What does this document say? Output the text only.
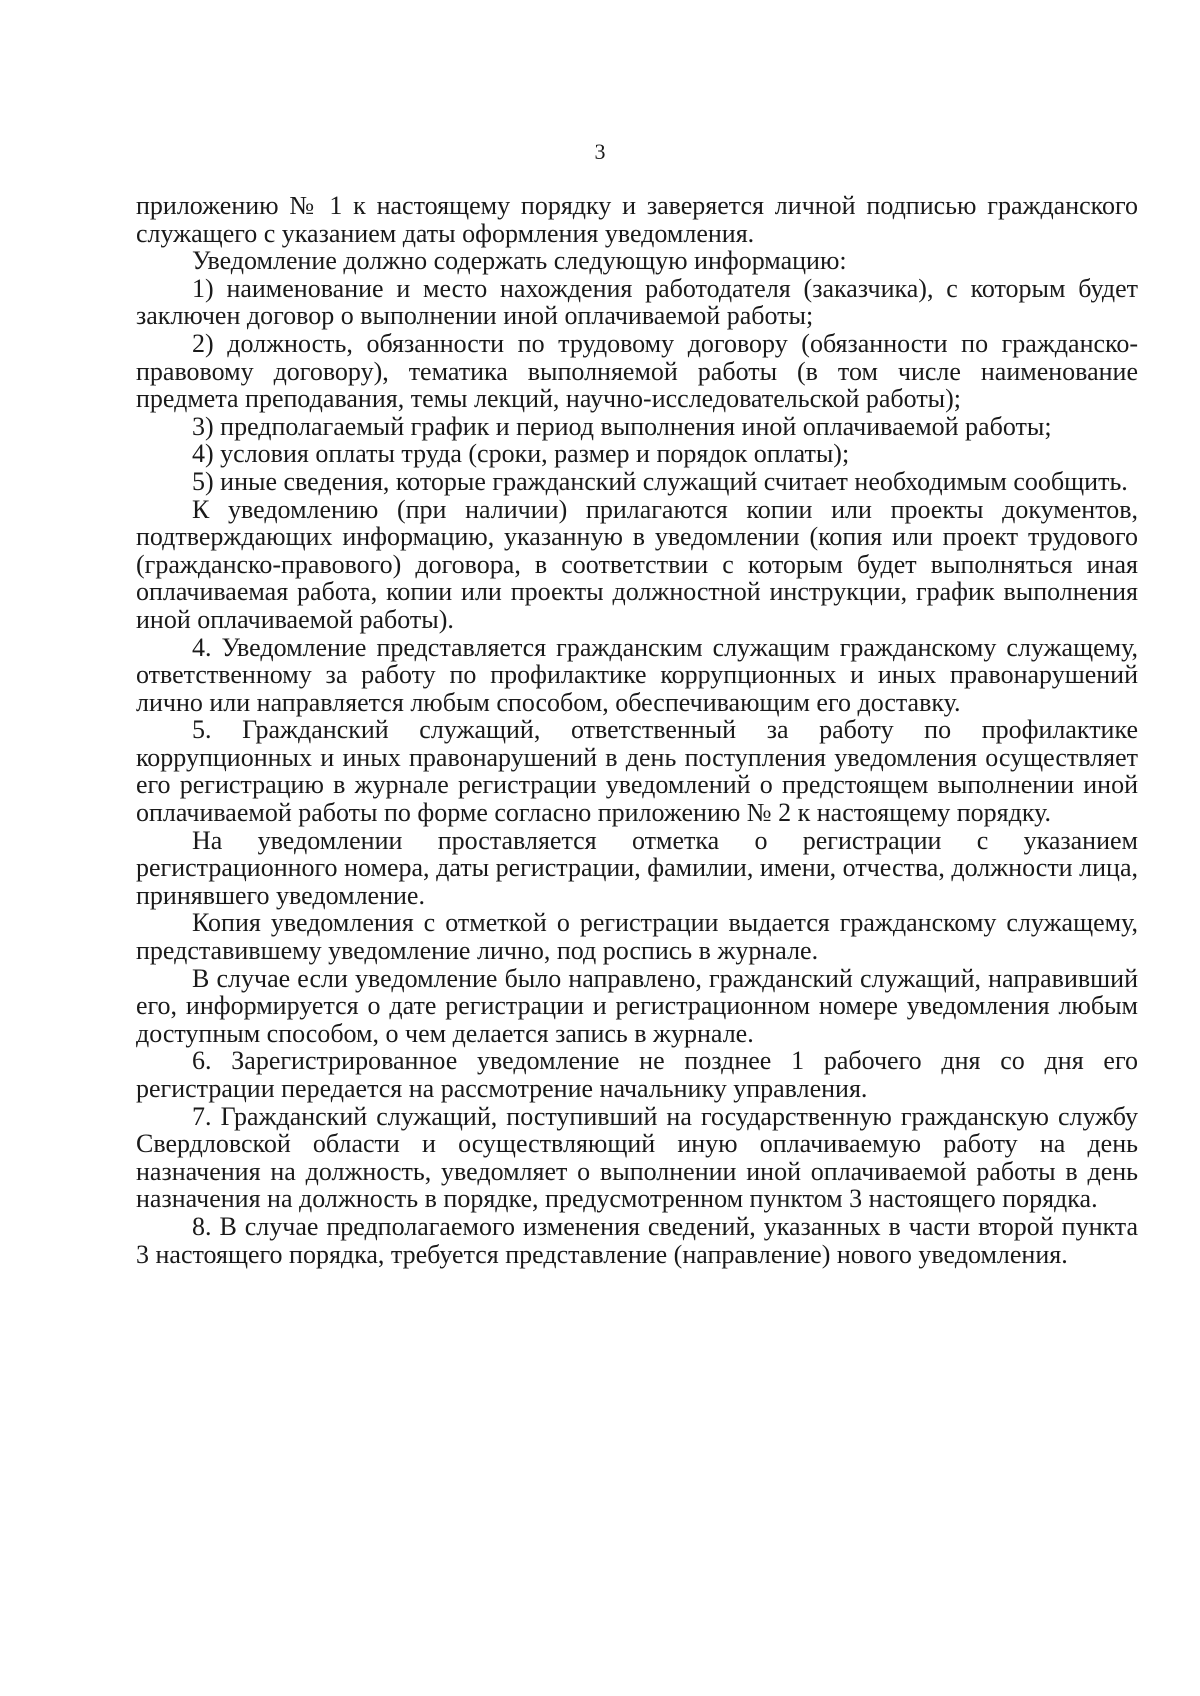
3

приложению № 1 к настоящему порядку и заверяется личной подписью гражданского служащего с указанием даты оформления уведомления.

Уведомление должно содержать следующую информацию:

1) наименование и место нахождения работодателя (заказчика), с которым будет заключен договор о выполнении иной оплачиваемой работы;

2) должность, обязанности по трудовому договору (обязанности по гражданско-правовому договору), тематика выполняемой работы (в том числе наименование предмета преподавания, темы лекций, научно-исследовательской работы);

3) предполагаемый график и период выполнения иной оплачиваемой работы;

4) условия оплаты труда (сроки, размер и порядок оплаты);

5) иные сведения, которые гражданский служащий считает необходимым сообщить.

К уведомлению (при наличии) прилагаются копии или проекты документов, подтверждающих информацию, указанную в уведомлении (копия или проект трудового (гражданско-правового) договора, в соответствии с которым будет выполняться иная оплачиваемая работа, копии или проекты должностной инструкции, график выполнения иной оплачиваемой работы).

4. Уведомление представляется гражданским служащим гражданскому служащему, ответственному за работу по профилактике коррупционных и иных правонарушений лично или направляется любым способом, обеспечивающим его доставку.

5. Гражданский служащий, ответственный за работу по профилактике коррупционных и иных правонарушений в день поступления уведомления осуществляет его регистрацию в журнале регистрации уведомлений о предстоящем выполнении иной оплачиваемой работы по форме согласно приложению № 2 к настоящему порядку.

На уведомлении проставляется отметка о регистрации с указанием регистрационного номера, даты регистрации, фамилии, имени, отчества, должности лица, принявшего уведомление.

Копия уведомления с отметкой о регистрации выдается гражданскому служащему, представившему уведомление лично, под роспись в журнале.

В случае если уведомление было направлено, гражданский служащий, направивший его, информируется о дате регистрации и регистрационном номере уведомления любым доступным способом, о чем делается запись в журнале.

6. Зарегистрированное уведомление не позднее 1 рабочего дня со дня его регистрации передается на рассмотрение начальнику управления.

7. Гражданский служащий, поступивший на государственную гражданскую службу Свердловской области и осуществляющий иную оплачиваемую работу на день назначения на должность, уведомляет о выполнении иной оплачиваемой работы в день назначения на должность в порядке, предусмотренном пунктом 3 настоящего порядка.

8. В случае предполагаемого изменения сведений, указанных в части второй пункта 3 настоящего порядка, требуется представление (направление) нового уведомления.
